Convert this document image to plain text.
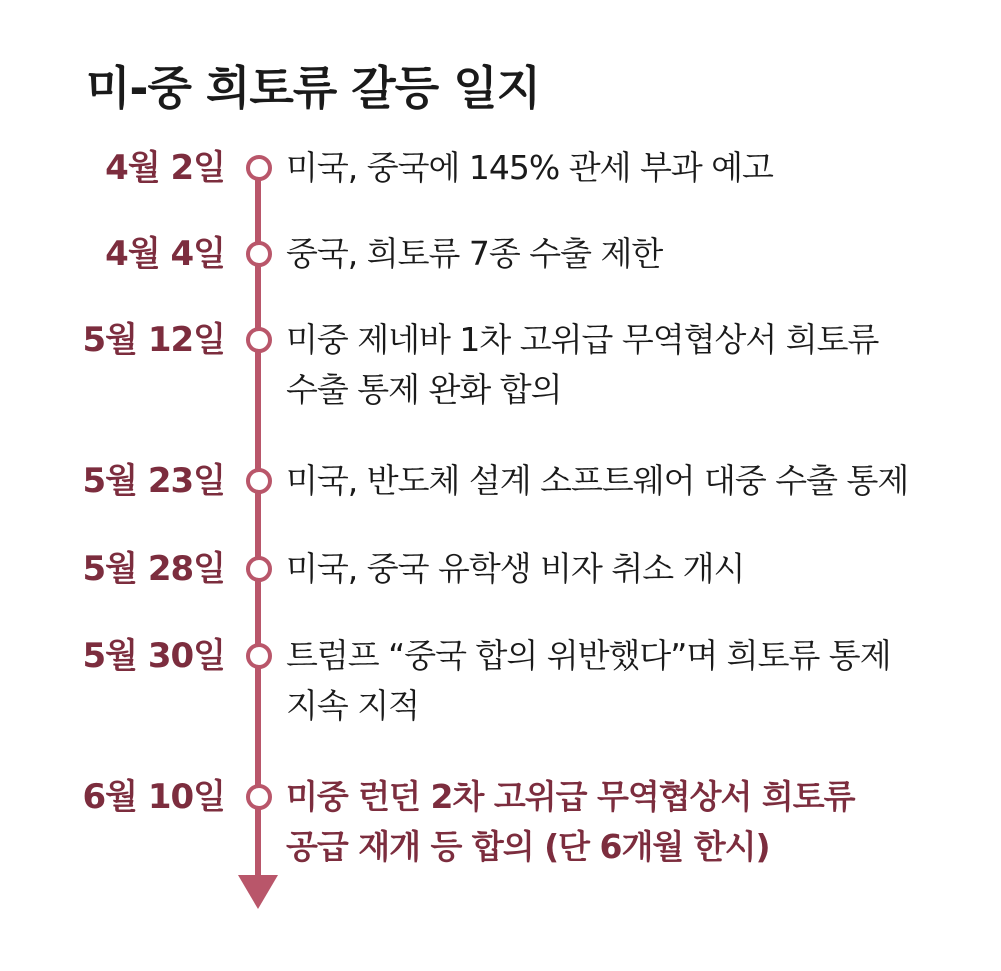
미-중 희토류 갈등 일지
4월 2일 미국, 중국에 145% 관세 부과 예고
4월 4일 중국, 희토류 7종 수출 제한
5월 12일 미중 제네바 1차 고위급 무역협상서 희토류
수출 통제 완화 합의
5월 23일 미국, 반도체 설계 소프트웨어 대중 수출 통제
5월 28일 미국, 중국 유학생 비자 취소 개시
5월 30일 트럼프 “중국 합의 위반했다”며 희토류 통제
지속 지적
6월 10일 미중 런던 2차 고위급 무역협상서 희토류
공급 재개 등 합의 (단 6개월 한시)
